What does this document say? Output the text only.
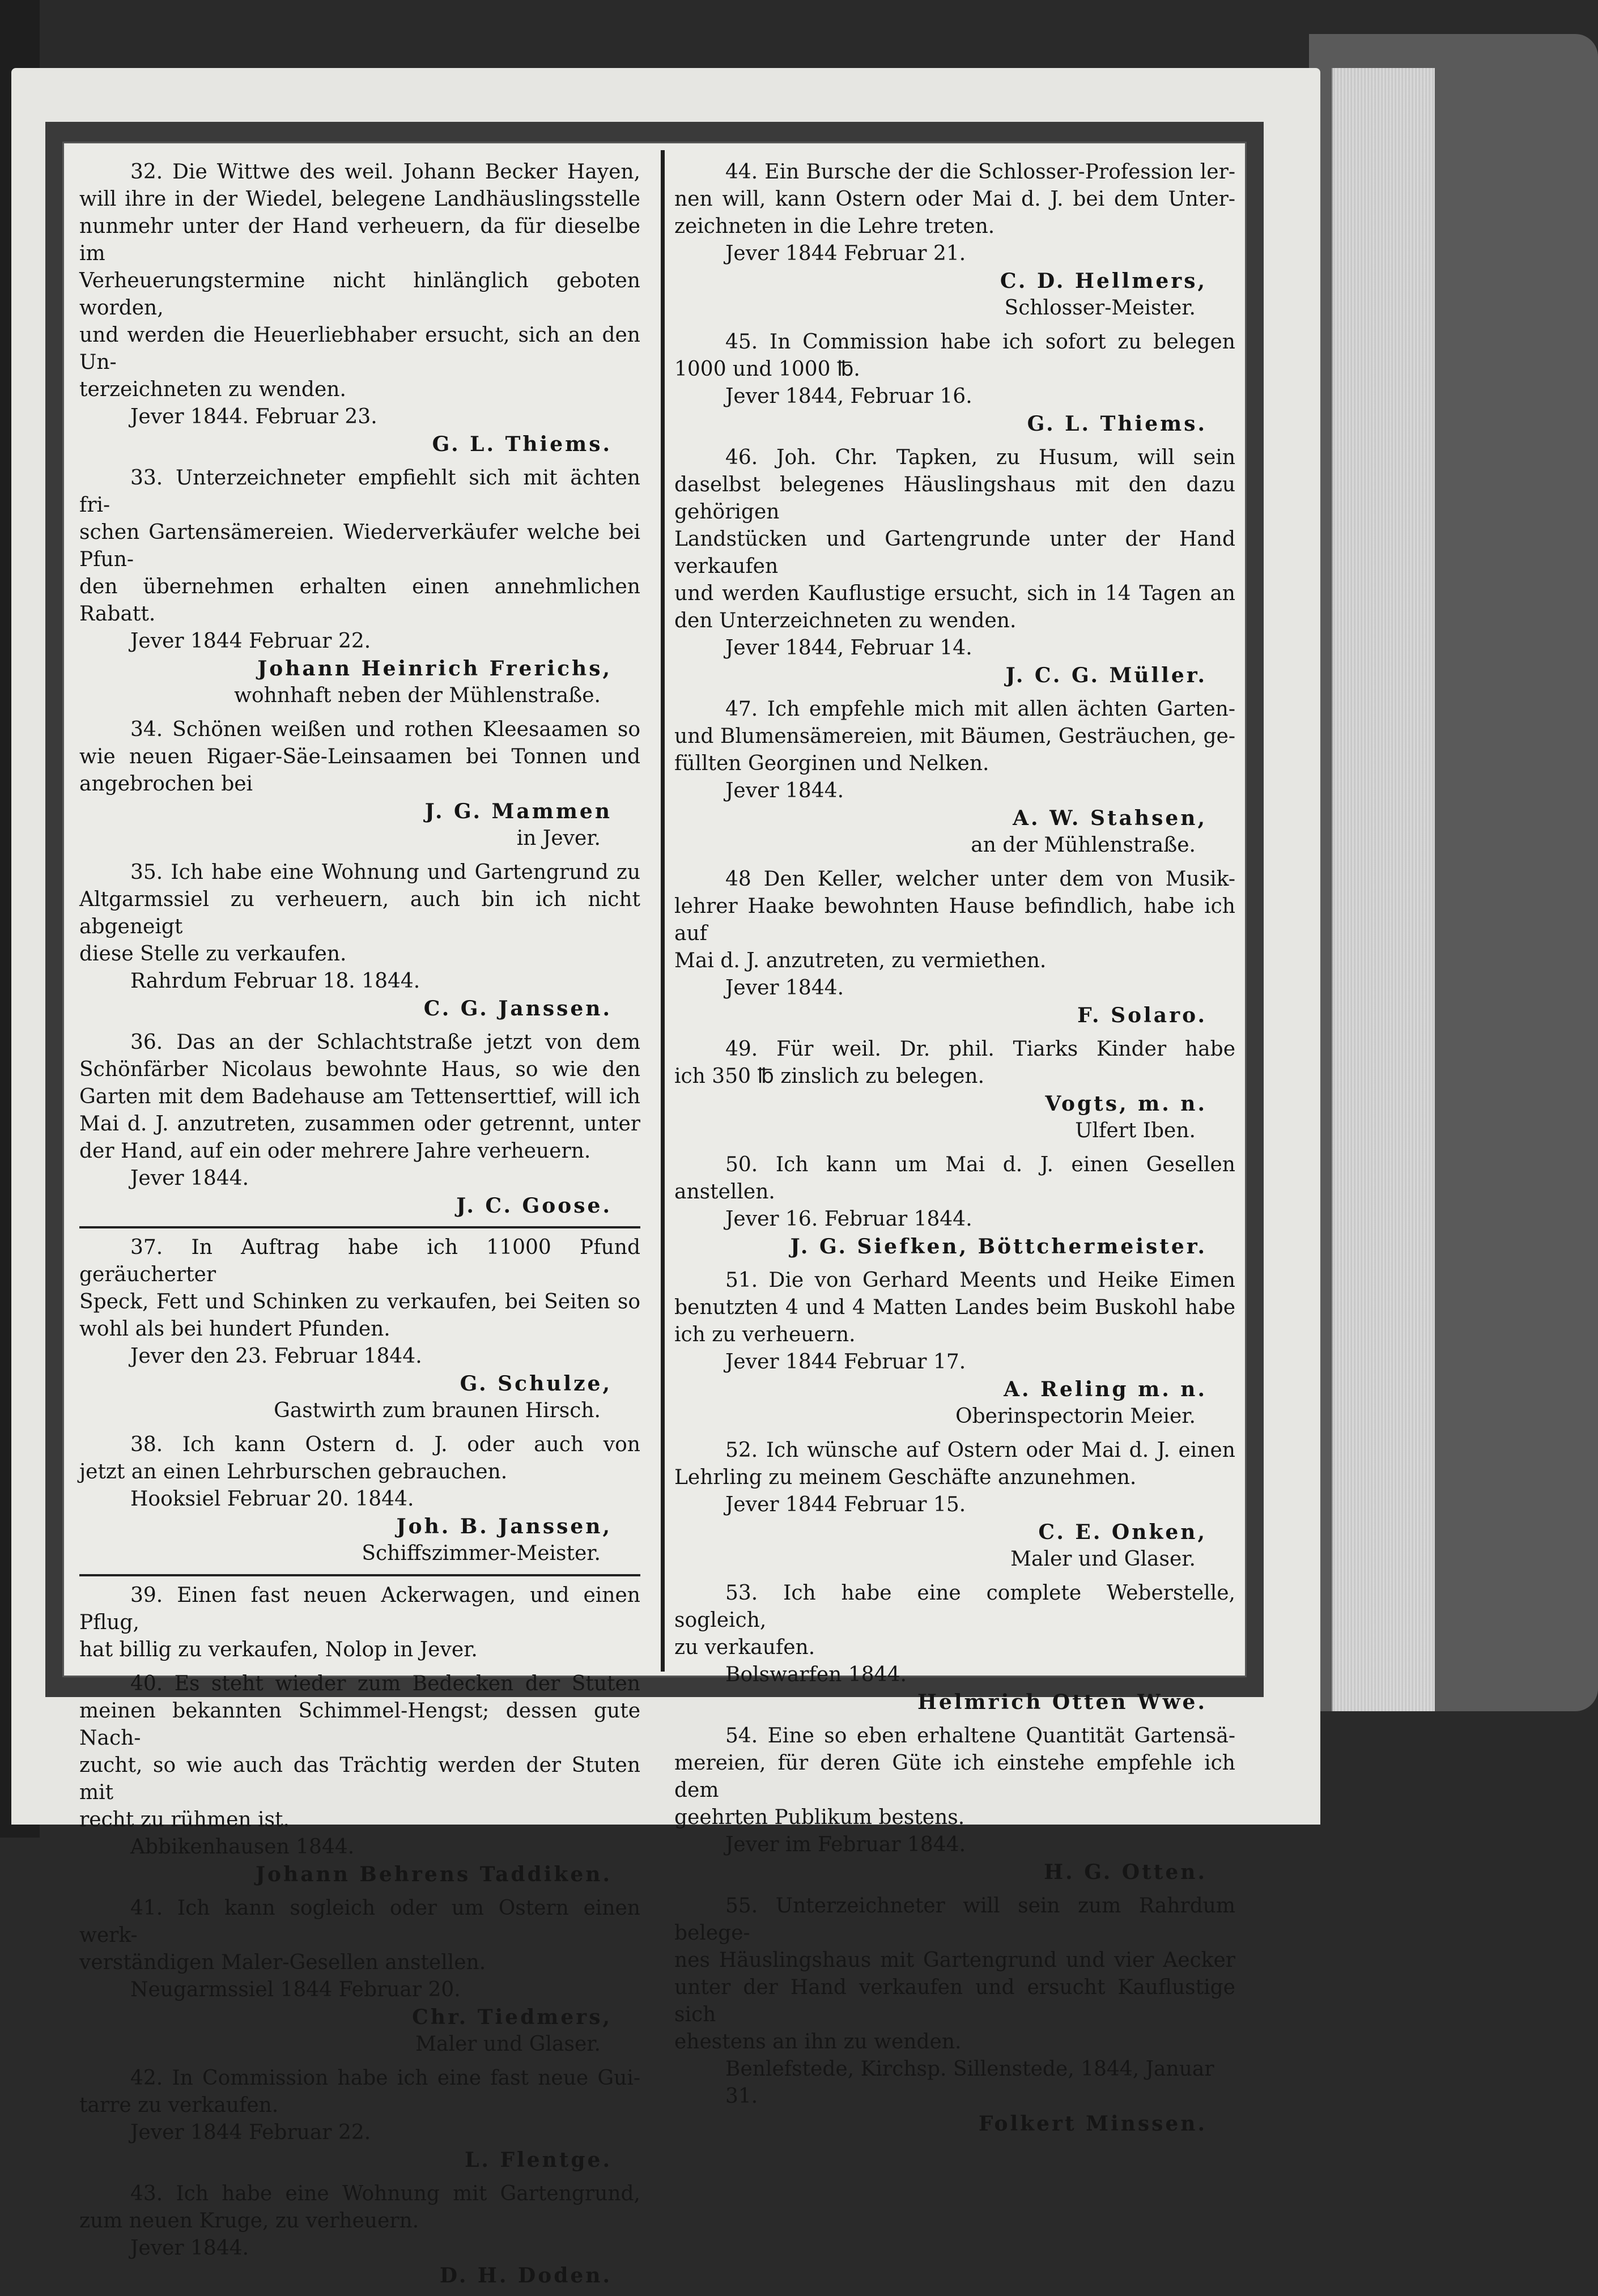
32. Die Wittwe des weil. Johann Becker Hayen,
will ihre in der Wiedel, belegene Landhäuslingsstelle
nunmehr unter der Hand verheuern, da für dieselbe im
Verheuerungstermine nicht hinlänglich geboten worden,
und werden die Heuerliebhaber ersucht, sich an den Un-
terzeichneten zu wenden.
Jever 1844. Februar 23.
G. L. Thiems.
33. Unterzeichneter empfiehlt sich mit ächten fri-
schen Gartensämereien. Wiederverkäufer welche bei Pfun-
den übernehmen erhalten einen annehmlichen Rabatt.
Jever 1844 Februar 22.
Johann Heinrich Frerichs,
wohnhaft neben der Mühlenstraße.
34. Schönen weißen und rothen Kleesaamen so
wie neuen Rigaer-Säe-Leinsaamen bei Tonnen und
angebrochen bei
J. G. Mammen
in Jever.
35. Ich habe eine Wohnung und Gartengrund zu
Altgarmssiel zu verheuern, auch bin ich nicht abgeneigt
diese Stelle zu verkaufen.
Rahrdum Februar 18. 1844.
C. G. Janssen.
36. Das an der Schlachtstraße jetzt von dem
Schönfärber Nicolaus bewohnte Haus, so wie den
Garten mit dem Badehause am Tettenserttief, will ich
Mai d. J. anzutreten, zusammen oder getrennt, unter
der Hand, auf ein oder mehrere Jahre verheuern.
Jever 1844.
J. C. Goose.
37. In Auftrag habe ich 11000 Pfund geräucherter
Speck, Fett und Schinken zu verkaufen, bei Seiten so
wohl als bei hundert Pfunden.
Jever den 23. Februar 1844.
G. Schulze,
Gastwirth zum braunen Hirsch.
38. Ich kann Ostern d. J. oder auch von
jetzt an einen Lehrburschen gebrauchen.
Hooksiel Februar 20. 1844.
Joh. B. Janssen,
Schiffszimmer-Meister.
39. Einen fast neuen Ackerwagen, und einen Pflug,
hat billig zu verkaufen, Nolop in Jever.
40. Es steht wieder zum Bedecken der Stuten
meinen bekannten Schimmel-Hengst; dessen gute Nach-
zucht, so wie auch das Trächtig werden der Stuten mit
recht zu rühmen ist.
Abbikenhausen 1844.
Johann Behrens Taddiken.
41. Ich kann sogleich oder um Ostern einen werk-
verständigen Maler-Gesellen anstellen.
Neugarmssiel 1844 Februar 20.
Chr. Tiedmers,
Maler und Glaser.
42. In Commission habe ich eine fast neue Gui-
tarre zu verkaufen.
Jever 1844 Februar 22.
L. Flentge.
43. Ich habe eine Wohnung mit Gartengrund,
zum neuen Kruge, zu verheuern.
Jever 1844.
D. H. Doden.
44. Ein Bursche der die Schlosser-Profession ler-
nen will, kann Ostern oder Mai d. J. bei dem Unter-
zeichneten in die Lehre treten.
Jever 1844 Februar 21.
C. D. Hellmers,
Schlosser-Meister.
45. In Commission habe ich sofort zu belegen
1000 und 1000 ℔.
Jever 1844, Februar 16.
G. L. Thiems.
46. Joh. Chr. Tapken, zu Husum, will sein
daselbst belegenes Häuslingshaus mit den dazu gehörigen
Landstücken und Gartengrunde unter der Hand verkaufen
und werden Kauflustige ersucht, sich in 14 Tagen an
den Unterzeichneten zu wenden.
Jever 1844, Februar 14.
J. C. G. Müller.
47. Ich empfehle mich mit allen ächten Garten-
und Blumensämereien, mit Bäumen, Gesträuchen, ge-
füllten Georginen und Nelken.
Jever 1844.
A. W. Stahsen,
an der Mühlenstraße.
48 Den Keller, welcher unter dem von Musik-
lehrer Haake bewohnten Hause befindlich, habe ich auf
Mai d. J. anzutreten, zu vermiethen.
Jever 1844.
F. Solaro.
49. Für weil. Dr. phil. Tiarks Kinder habe
ich 350 ℔ zinslich zu belegen.
Vogts, m. n.
Ulfert Iben.
50. Ich kann um Mai d. J. einen Gesellen
anstellen.
Jever 16. Februar 1844.
J. G. Siefken, Böttchermeister.
51. Die von Gerhard Meents und Heike Eimen
benutzten 4 und 4 Matten Landes beim Buskohl habe
ich zu verheuern.
Jever 1844 Februar 17.
A. Reling m. n.
Oberinspectorin Meier.
52. Ich wünsche auf Ostern oder Mai d. J. einen
Lehrling zu meinem Geschäfte anzunehmen.
Jever 1844 Februar 15.
C. E. Onken,
Maler und Glaser.
53. Ich habe eine complete Weberstelle, sogleich,
zu verkaufen.
Bolswarfen 1844.
Helmrich Otten Wwe.
54. Eine so eben erhaltene Quantität Gartensä-
mereien, für deren Güte ich einstehe empfehle ich dem
geehrten Publikum bestens.
Jever im Februar 1844.
H. G. Otten.
55. Unterzeichneter will sein zum Rahrdum belege-
nes Häuslingshaus mit Gartengrund und vier Aecker
unter der Hand verkaufen und ersucht Kauflustige sich
ehestens an ihn zu wenden.
Benlefstede, Kirchsp. Sillenstede, 1844, Januar 31.
Folkert Minssen.
